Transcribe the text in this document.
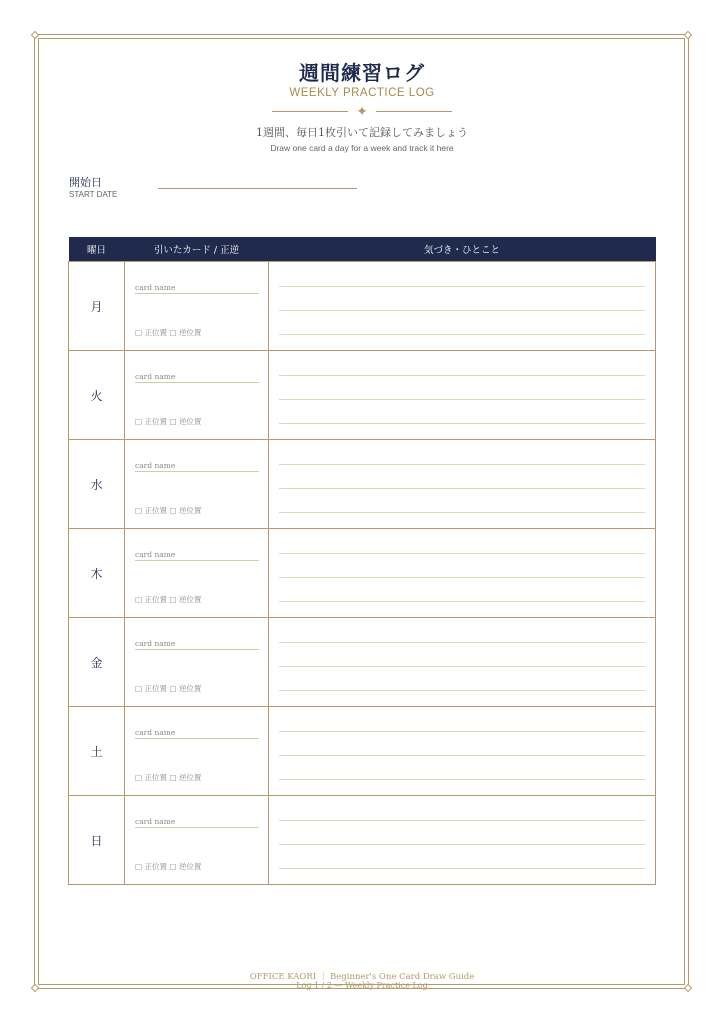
週間練習ログ
WEEKLY PRACTICE LOG
✦
1週間、毎日1枚引いて記録してみましょう
Draw one card a day for a week and track it here
開始日
START DATE
曜日	引いたカード / 正逆	気づき・ひとこと
月	card name
□ 正位置 □ 逆位置	

火	card name
□ 正位置 □ 逆位置	

水	card name
□ 正位置 □ 逆位置	

木	card name
□ 正位置 □ 逆位置	

金	card name
□ 正位置 □ 逆位置	

土	card name
□ 正位置 □ 逆位置	

日	card name
□ 正位置 □ 逆位置	

OFFICE KAORI ｜ Beginner's One Card Draw Guide
Log 1 / 2 — Weekly Practice Log
